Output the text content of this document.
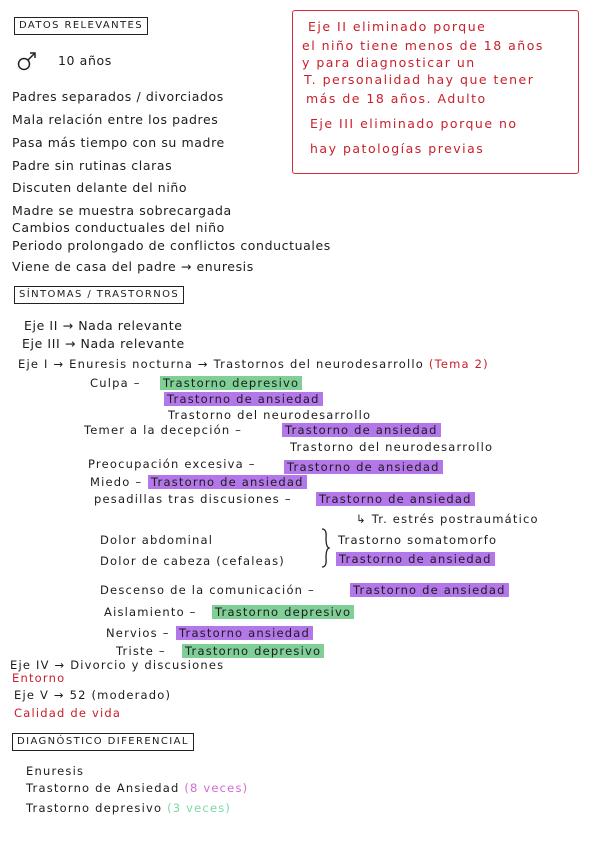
DATOS RELEVANTES
10 años
Padres separados / divorciados
Mala relación entre los padres
Pasa más tiempo con su madre
Padre sin rutinas claras
Discuten delante del niño
Madre se muestra sobrecargada
Cambios conductuales del niño
Periodo prolongado de conflictos conductuales
Viene de casa del padre → enuresis
Eje II eliminado porque
el niño tiene menos de 18 años
y para diagnosticar un
T. personalidad hay que tener
más de 18 años. Adulto
Eje III eliminado porque no
hay patologías previas
SÍNTOMAS / TRASTORNOS
Eje II → Nada relevante
Eje III → Nada relevante
Eje I → Enuresis nocturna → Trastornos del neurodesarrollo (Tema 2)
Culpa – Trastorno depresivo
Trastorno de ansiedad
Trastorno del neurodesarrollo
Temer a la decepción –	Trastorno de ansiedad
Trastorno del neurodesarrollo
Preocupación excesiva –	Trastorno de ansiedad
Miedo – Trastorno de ansiedad
pesadillas tras discusiones – Trastorno de ansiedad
↳ Tr. estrés postraumático
Dolor abdominal
Dolor de cabeza (cefaleas)
Trastorno somatomorfo
Trastorno de ansiedad
Descenso de la comunicación –	Trastorno de ansiedad
Aislamiento – Trastorno depresivo
Nervios – Trastorno ansiedad
Triste – Trastorno depresivo
Eje IV → Divorcio y discusiones
Entorno
Eje V → 52 (moderado)
Calidad de vida
DIAGNÓSTICO DIFERENCIAL
Enuresis
Trastorno de Ansiedad (8 veces)
Trastorno depresivo (3 veces)
